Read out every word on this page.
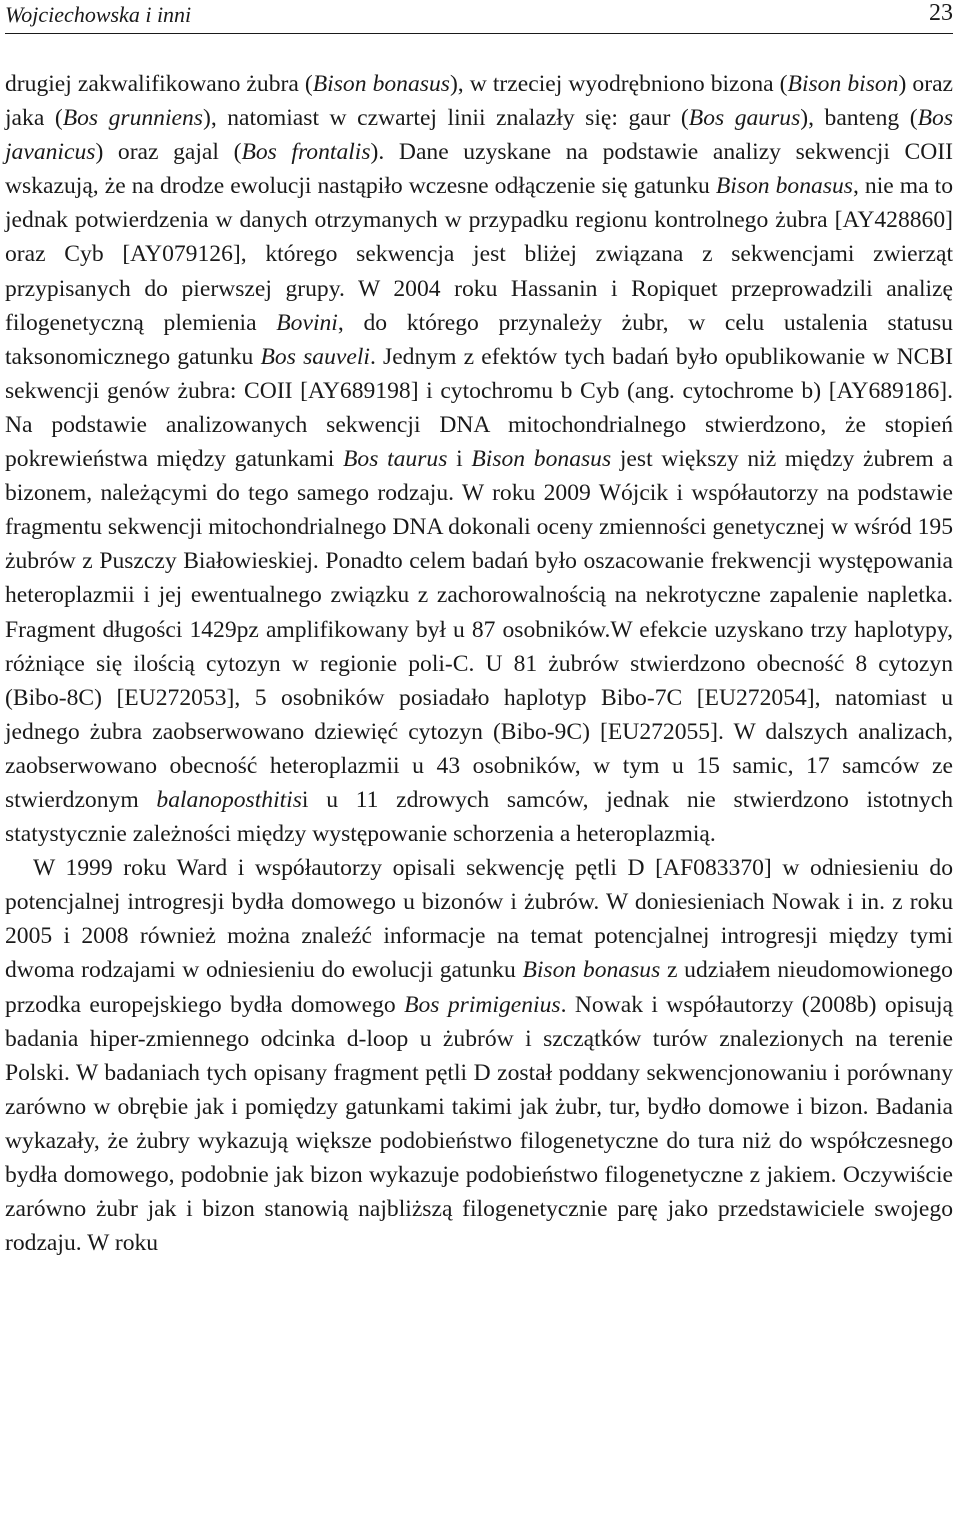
Wojciechowska i inni	23

drugiej zakwalifikowano żubra (Bison bonasus), w trzeciej wyodrębniono bizona (Bison bison) oraz jaka (Bos grunniens), natomiast w czwartej linii znalazły się: gaur (Bos gaurus), banteng (Bos javanicus) oraz gajal (Bos frontalis). Dane uzyskane na podstawie analizy sekwencji COII wskazują, że na drodze ewolucji nastąpiło wczesne odłączenie się gatunku Bison bonasus, nie ma to jednak potwierdzenia w danych otrzymanych w przypadku regionu kontrolnego żubra [AY428860] oraz Cyb [AY079126], którego sekwencja jest bliżej związana z sekwencjami zwierząt przypisanych do pierwszej grupy. W 2004 roku Hassanin i Ropiquet przeprowadzili analizę filogenetyczną plemienia Bovini, do którego przynależy żubr, w celu ustalenia statusu taksonomicznego gatunku Bos sauveli. Jednym z efektów tych badań było opublikowanie w NCBI sekwencji genów żubra: COII [AY689198] i cytochromu b Cyb (ang. cytochrome b) [AY689186]. Na podstawie analizowanych sekwencji DNA mitochondrialnego stwierdzono, że stopień pokrewieństwa między gatunkami Bos taurus i Bison bonasus jest większy niż między żubrem a bizonem, należącymi do tego samego rodzaju. W roku 2009 Wójcik i współautorzy na podstawie fragmentu sekwencji mitochondrialnego DNA dokonali oceny zmienności genetycznej w wśród 195 żubrów z Puszczy Białowieskiej. Ponadto celem badań było oszacowanie frekwencji występowania heteroplazmii i jej ewentualnego związku z zachorowalnością na nekrotyczne zapalenie napletka. Fragment długości 1429pz amplifikowany był u 87 osobników.W efekcie uzyskano trzy haplotypy, różniące się ilością cytozyn w regionie poli-C. U 81 żubrów stwierdzono obecność 8 cytozyn (Bibo-8C) [EU272053], 5 osobników posiadało haplotyp Bibo-7C [EU272054], natomiast u jednego żubra zaobserwowano dziewięć cytozyn (Bibo-9C) [EU272055]. W dalszych analizach, zaobserwowano obecność heteroplazmii u 43 osobników, w tym u 15 samic, 17 samców ze stwierdzonym balanoposthitisi u 11 zdrowych samców, jednak nie stwierdzono istotnych statystycznie zależności między występowanie schorzenia a heteroplazmią.

W 1999 roku Ward i współautorzy opisali sekwencję pętli D [AF083370] w odniesieniu do potencjalnej introgresji bydła domowego u bizonów i żubrów. W doniesieniach Nowak i in. z roku 2005 i 2008 również można znaleźć informacje na temat potencjalnej introgresji między tymi dwoma rodzajami w odniesieniu do ewolucji gatunku Bison bonasus z udziałem nieudomowionego przodka europejskiego bydła domowego Bos primigenius. Nowak i współautorzy (2008b) opisują badania hiper-zmiennego odcinka d-loop u żubrów i szczątków turów znalezionych na terenie Polski. W badaniach tych opisany fragment pętli D został poddany sekwencjonowaniu i porównany zarówno w obrębie jak i pomiędzy gatunkami takimi jak żubr, tur, bydło domowe i bizon. Badania wykazały, że żubry wykazują większe podobieństwo filogenetyczne do tura niż do współczesnego bydła domowego, podobnie jak bizon wykazuje podobieństwo filogenetyczne z jakiem. Oczywiście zarówno żubr jak i bizon stanowią najbliższą filogenetycznie parę jako przedstawiciele swojego rodzaju. W roku
